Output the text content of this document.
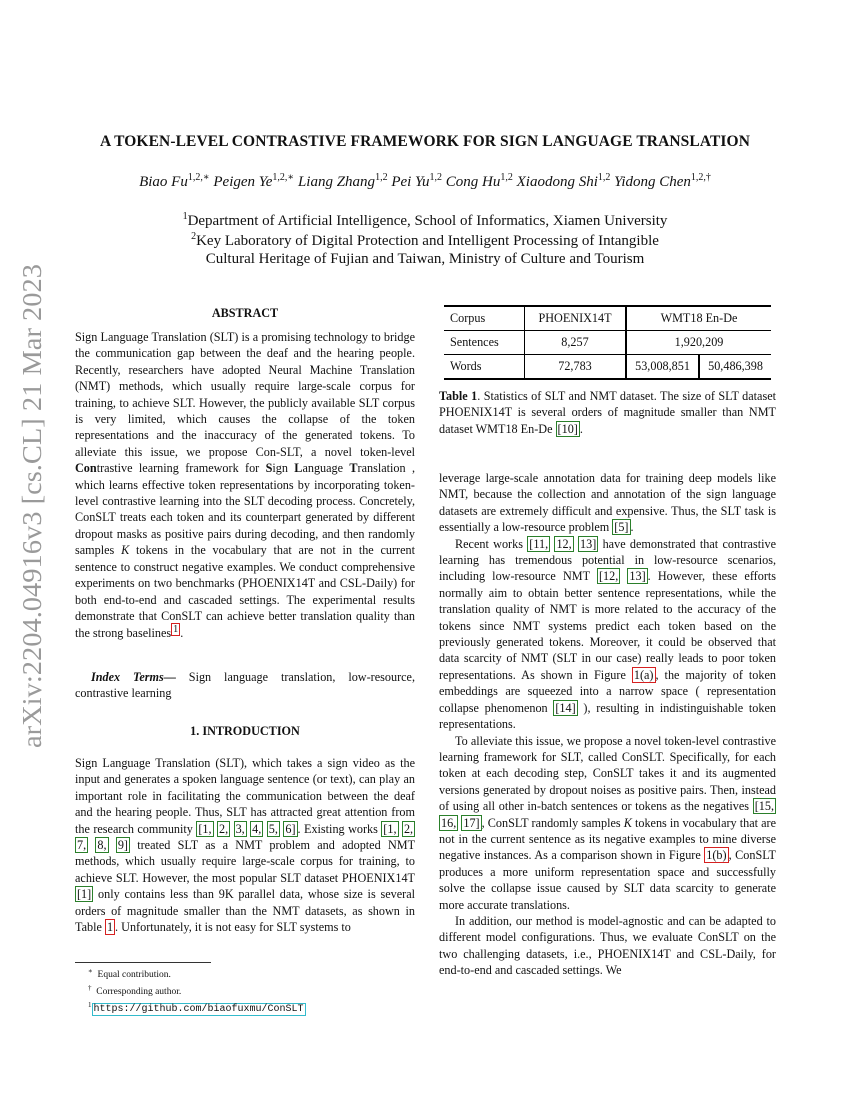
arXiv:2204.04916v3 [cs.CL] 21 Mar 2023
A TOKEN-LEVEL CONTRASTIVE FRAMEWORK FOR SIGN LANGUAGE TRANSLATION
Biao $Fu^{1,2,∗}$ Peigen $Ye^{1,2,∗}$ Liang Zhang$^{1,2}$ Pei Yu$^{1,2}$ Cong Hu$^{1,2}$ Xiaodong Shi$^{1,2}$ Yidong Chen$^{1,2,\dagger}$
$^1$Department of Artificial Intelligence, School of Informatics, Xiamen University
$^2$Key Laboratory of Digital Protection and Intelligent Processing of Intangible
Cultural Heritage of Fujian and Taiwan, Ministry of Culture and Tourism
ABSTRACT

Sign Language Translation (SLT) is a promising technology to bridge the communication gap between the deaf and the hearing people. Recently, researchers have adopted Neural Machine Translation (NMT) methods, which usually require large-scale corpus for training, to achieve SLT. However, the publicly available SLT corpus is very limited, which causes the collapse of the token representations and the inaccuracy of the generated tokens. To alleviate this issue, we propose Con-SLT, a novel token-level Contrastive learning framework for Sign Language Translation , which learns effective token representations by incorporating token-level contrastive learning into the SLT decoding process. Concretely, ConSLT treats each token and its counterpart generated by different dropout masks as positive pairs during decoding, and then randomly samples K tokens in the vocabulary that are not in the current sentence to construct negative examples. We conduct comprehensive experiments on two benchmarks (PHOENIX14T and CSL-Daily) for both end-to-end and cascaded settings. The experimental results demonstrate that ConSLT can achieve better translation quality than the strong baselines $^1$ .

Index Terms— Sign language translation, low-resource, contrastive learning

1. INTRODUCTION

Sign Language Translation (SLT), which takes a sign video as the input and generates a spoken language sentence (or text), can play an important role in facilitating the communication between the deaf and the hearing people. Thus, SLT has attracted great attention from the research community [1, 2, 3, 4, 5, 6] . Existing works [1, 2, 7, 8, 9] treated SLT as a NMT problem and adopted NMT methods, which usually require large-scale corpus for training, to achieve SLT. However, the most popular SLT dataset PHOENIX14T [1] only contains less than 9K parallel data, whose size is several orders of magnitude smaller than the NMT datasets, as shown in Table 1 . Unfortunately, it is not easy for SLT systems to

∗ Equal contribution.
† Corresponding author.
$^1$ https://github.com/biaofuxmu/ConSLT
Corpus	PHOENIX14T	WMT18 En-De	
Sentences	8,257	1,920,209	
Words	72,783	53,008,851	50,486,398

Table 1. Statistics of SLT and NMT dataset. The size of SLT dataset PHOENIX14T is several orders of magnitude smaller than NMT dataset WMT18 En-De [10] .

leverage large-scale annotation data for training deep models like NMT, because the collection and annotation of the sign language datasets are extremely difficult and expensive. Thus, the SLT task is essentially a low-resource problem [5] .

Recent works [11, 12, 13] have demonstrated that contrastive learning has tremendous potential in low-resource scenarios, including low-resource NMT [12, 13] . However, these efforts normally aim to obtain better sentence representations, while the translation quality of NMT is more related to the accuracy of the tokens since NMT systems predict each token based on the previously generated tokens. Moreover, it could be observed that data scarcity of NMT (SLT in our case) really leads to poor token representations. As shown in Figure 1(a) , the majority of token embeddings are squeezed into a narrow space ( representation collapse phenomenon [14] ), resulting in indistinguishable token representations.

To alleviate this issue, we propose a novel token-level contrastive learning framework for SLT, called ConSLT. Specifically, for each token at each decoding step, ConSLT takes it and its augmented versions generated by dropout noises as positive pairs. Then, instead of using all other in-batch sentences or tokens as the negatives [15, 16, 17] , ConSLT randomly samples K tokens in vocabulary that are not in the current sentence as its negative examples to mine diverse negative instances. As a comparison shown in Figure 1(b) , ConSLT produces a more uniform representation space and successfully solve the collapse issue caused by SLT data scarcity to generate more accurate translations.

In addition, our method is model-agnostic and can be adapted to different model configurations. Thus, we evaluate ConSLT on the two challenging datasets, i.e., PHOENIX14T and CSL-Daily, for end-to-end and cascaded settings. We
